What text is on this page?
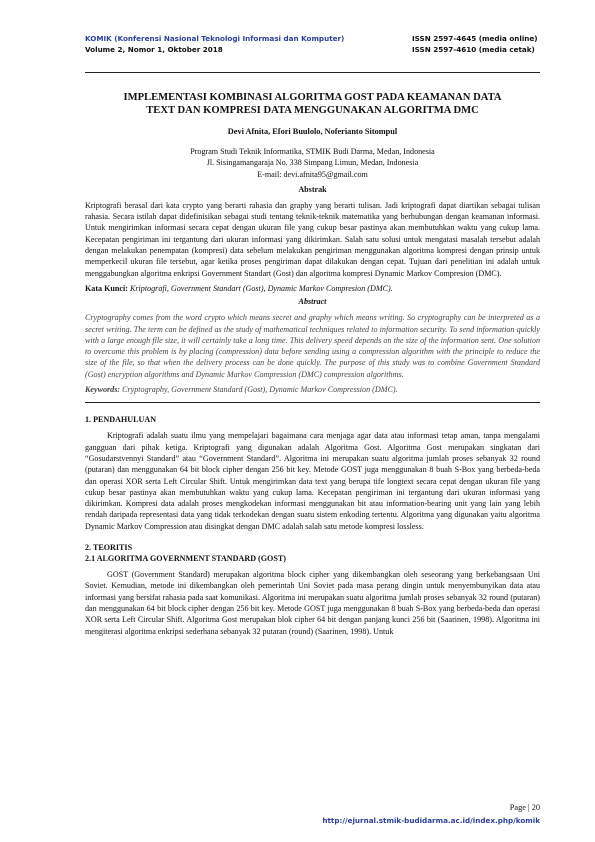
KOMIK (Konferensi Nasional Teknologi Informasi dan Komputer)	ISSN 2597-4645 (media online)
Volume 2, Nomor 1, Oktober 2018	ISSN 2597-4610 (media cetak)
IMPLEMENTASI KOMBINASI ALGORITMA GOST PADA KEAMANAN DATA
TEXT DAN KOMPRESI DATA MENGGUNAKAN ALGORITMA DMC
Devi Afnita, Efori Buulolo, Noferianto Sitompul
Program Studi Teknik Informatika, STMIK Budi Darma, Medan, Indonesia
Jl. Sisingamangaraja No. 338 Simpang Limun, Medan, Indonesia
E-mail: devi.afnita95@gmail.com
Abstrak

Kriptografi berasal dari kata crypto yang berarti rahasia dan graphy yang berarti tulisan. Jadi kriptografi dapat diartikan sebagai tulisan rahasia. Secara istilah dapat didefinisikan sebagai studi tentang teknik-teknik matematika yang berhubungan dengan keamanan informasi. Untuk mengirimkan informasi secara cepat dengan ukuran file yang cukup besar pastinya akan membutuhkan waktu yang cukup lama. Kecepatan pengiriman ini tergantung dari ukuran informasi yang dikirimkan. Salah satu solusi untuk mengatasi masalah tersebut adalah dengan melakukan penempatan (kompresi) data sebelum melakukan pengiriman menggunakan algoritma kompresi dengan prinsip untuk memperkecil ukuran file tersebut, agar ketika proses pengiriman dapat dilakukan dengan cepat. Tujuan dari penelitian ini adalah untuk menggabungkan algoritma enkripsi Government Standart (Gost) dan algoritma kompresi Dynamic Markov Compresion (DMC).

Kata Kunci: Kriptografi, Government Standart (Gost), Dynamic Markov Compresion (DMC).
Abstract

Cryptography comes from the word crypto which means secret and graphy which means writing. So cryptography can be interpreted as a secret writing. The term can be defined as the study of mathematical techniques related to information security. To send information quickly with a large enough file size, it will certainly take a long time. This delivery speed depends on the size of the information sent. One solution to overcome this problem is by placing (compression) data before sending using a compression algorithm with the principle to reduce the size of the file, so that when the delivery process can be done quickly. The purpose of this study was to combine Government Standard (Gost) encryption algorithms and Dynamic Markov Compression (DMC) compression algorithms.

Keywords: Cryptography, Government Standard (Gost), Dynamic Markov Compression (DMC).
1. PENDAHULUAN

Kriptografi adalah suatu ilmu yang mempelajari bagaimana cara menjaga agar data atau informasi tetap aman, tanpa mengalami gangguan dari pihak ketiga. Kriptografi yang digunakan adalah Algoritma Gost. Algoritma Gost merupakan singkatan dari “Gosudarstvennyi Standard” atau “Government Standard”. Algoritma ini merupakan suatu algoritma jumlah proses sebanyak 32 round (putaran) dan menggunakan 64 bit block cipher dengan 256 bit key. Metode GOST juga menggunakan 8 buah S-Box yang berbeda-beda dan operasi XOR serta Left Circular Shift. Untuk mengirimkan data text yang berupa tife longtext secara cepat dengan ukuran file yang cukup besar pastinya akan membutuhkan waktu yang cukup lama. Kecepatan pengiriman ini tergantung dari ukuran informasi yang dikirimkan. Kompresi data adalah proses mengkodekan informasi menggunakan bit atau information-bearing unit yang lain yang lebih rendah daripada representasi data yang tidak terkodekan dengan suatu sistem enkoding tertentu. Algoritma yang digunakan yaitu algoritma Dynamic Markov Compression atau disingkat dengan DMC adalah salah satu metode kompresi lossless.

2. TEORITIS
2.1 ALGORITMA GOVERNMENT STANDARD (GOST)

GOST (Government Standard) merupakan algoritma block cipher yang dikembangkan oleh seseorang yang berkebangsaan Uni Soviet. Kemudian, metode ini dikembangkan oleh pemerintah Uni Soviet pada masa perang dingin untuk menyembunyikan data atau informasi yang bersifat rahasia pada saat komunikasi. Algoritma ini merupakan suatu algoritma jumlah proses sebanyak 32 round (putaran) dan menggunakan 64 bit block cipher dengan 256 bit key. Metode GOST juga menggunakan 8 buah S-Box yang berbeda-beda dan operasi XOR serta Left Circular Shift. Algoritma Gost merupakan blok cipher 64 bit dengan panjang kunci 256 bit (Saarinen, 1998). Algoritma ini mengiterasi algoritma enkripsi sederhana sebanyak 32 putaran (round) (Saarinen, 1998). Untuk

Page | 20
http://ejurnal.stmik-budidarma.ac.id/index.php/komik
